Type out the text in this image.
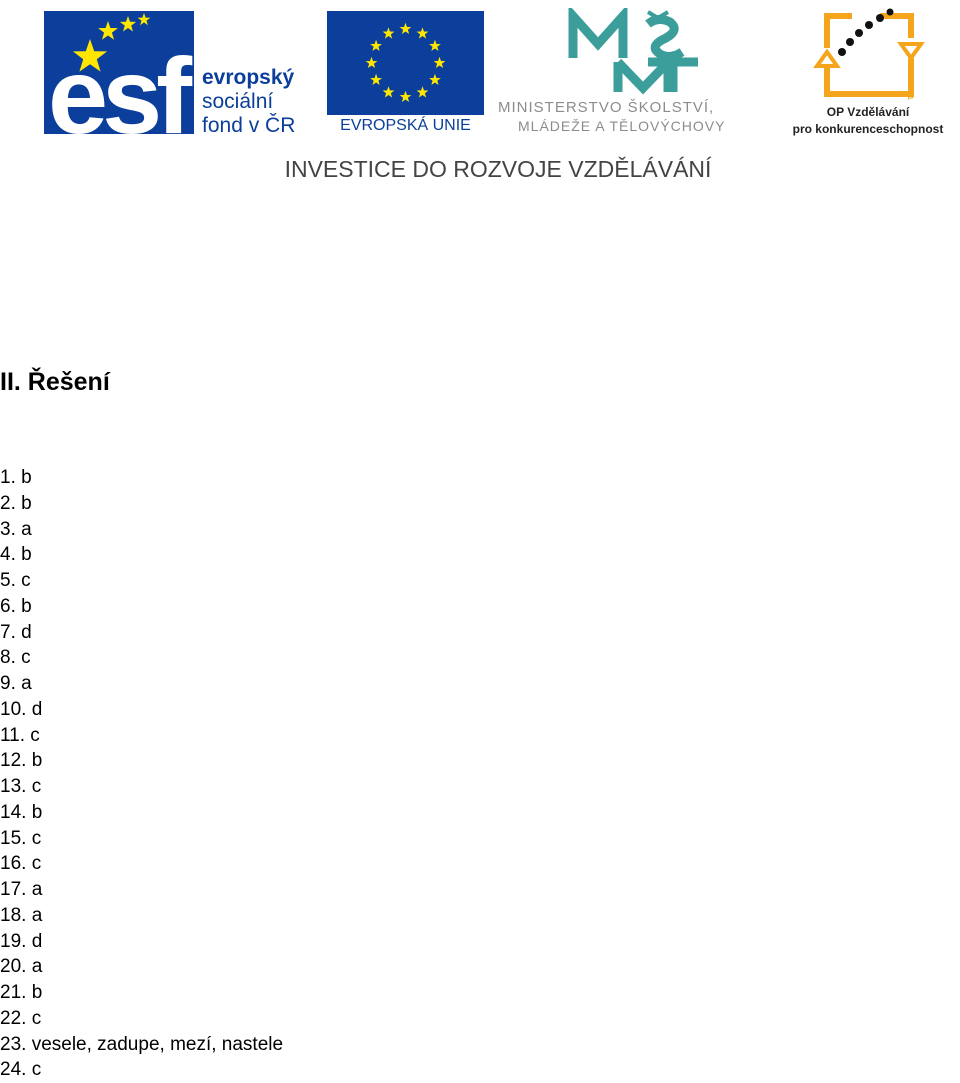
esf evropský
sociální
fond v ČR	EVROPSKÁ UNIE
MINISTERSTVO ŠKOLSTVÍ,
MLÁDEŽE A TĚLOVÝCHOVY
2007-13
OP Vzdělávání
pro konkurenceschopnost
INVESTICE DO ROZVOJE VZDĚLÁVÁNÍ
II. Řešení
1. b
2. b
3. a
4. b
5. c
6. b
7. d
8. c
9. a
10. d
11. c
12. b
13. c
14. b
15. c
16. c
17. a
18. a
19. d
20. a
21. b
22. c
23. vesele, zadupe, mezí, nastele
24. c
